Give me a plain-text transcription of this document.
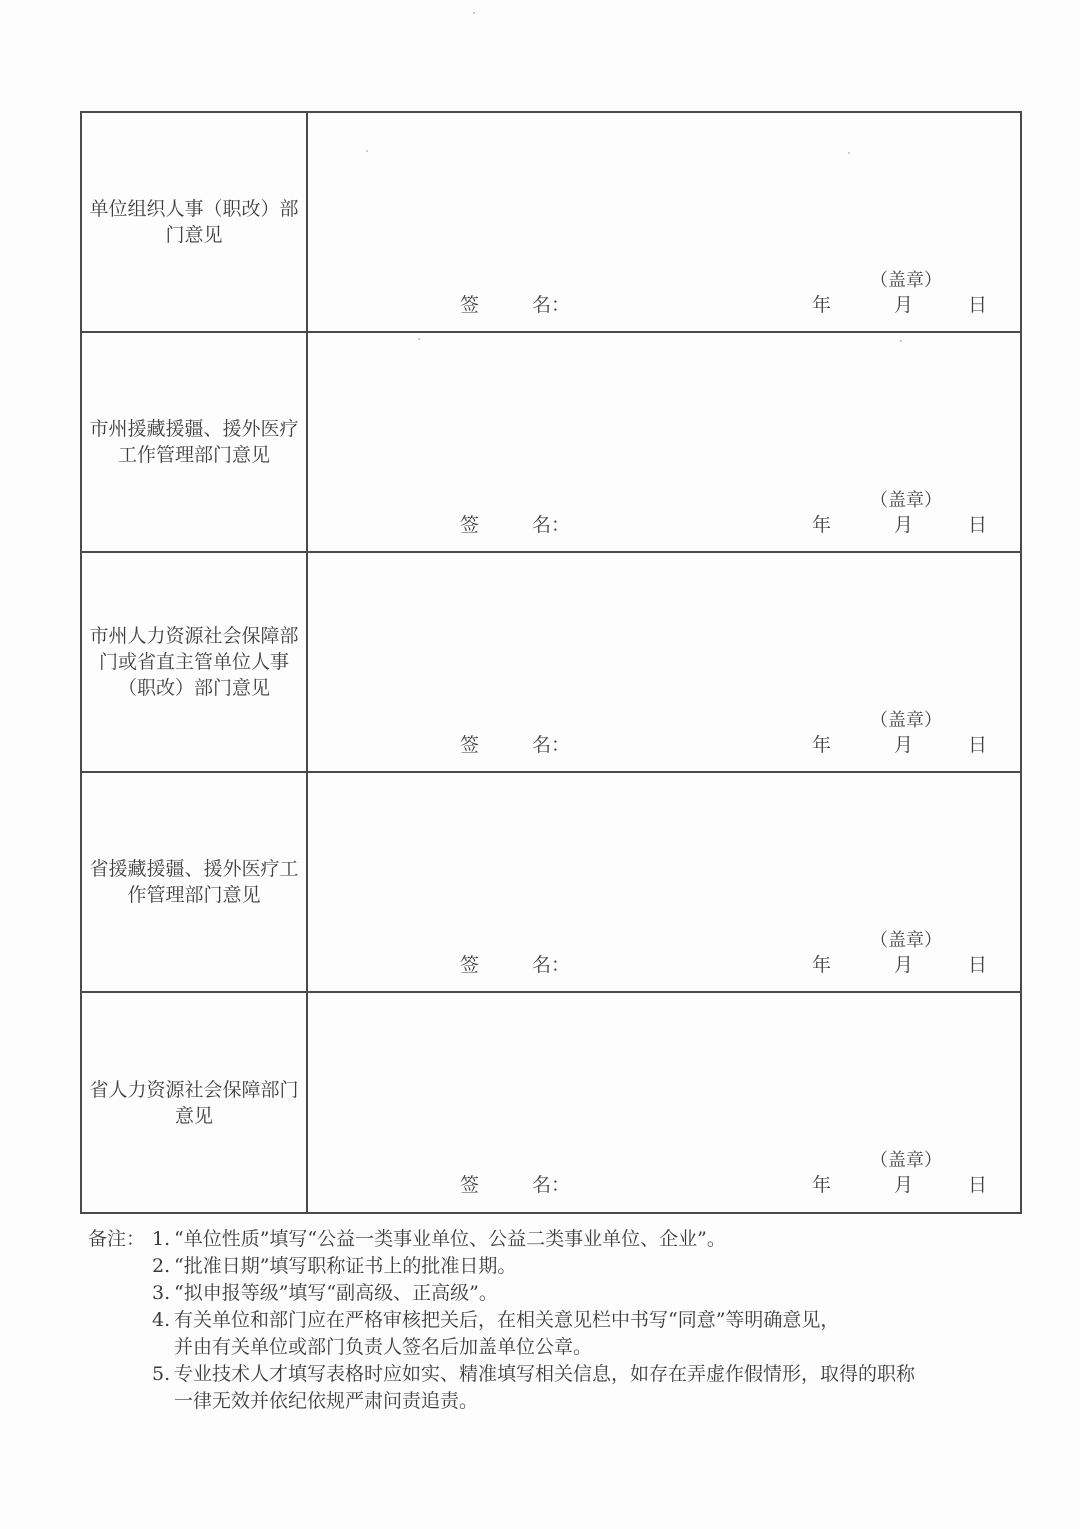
单位组织人事（职改）部门意见
（盖章）
签	名：	年	月	日
市州援藏援疆、援外医疗工作管理部门意见
（盖章）
签	名：	年	月	日
市州人力资源社会保障部门或省直主管单位人事（职改）部门意见
（盖章）
签	名：	年	月	日
省援藏援疆、援外医疗工作管理部门意见
（盖章）
签	名：	年	月	日
省人力资源社会保障部门意见
（盖章）
签	名：	年	月	日
备注： 1. “单位性质”填写“公益一类事业单位、公益二类事业单位、企业”。
2. “批准日期”填写职称证书上的批准日期。
3. “拟申报等级”填写“副高级、正高级”。
4. 有关单位和部门应在严格审核把关后，在相关意见栏中书写“同意”等明确意见，
并由有关单位或部门负责人签名后加盖单位公章。
5. 专业技术人才填写表格时应如实、精准填写相关信息，如存在弄虚作假情形，取得的职称
一律无效并依纪依规严肃问责追责。
